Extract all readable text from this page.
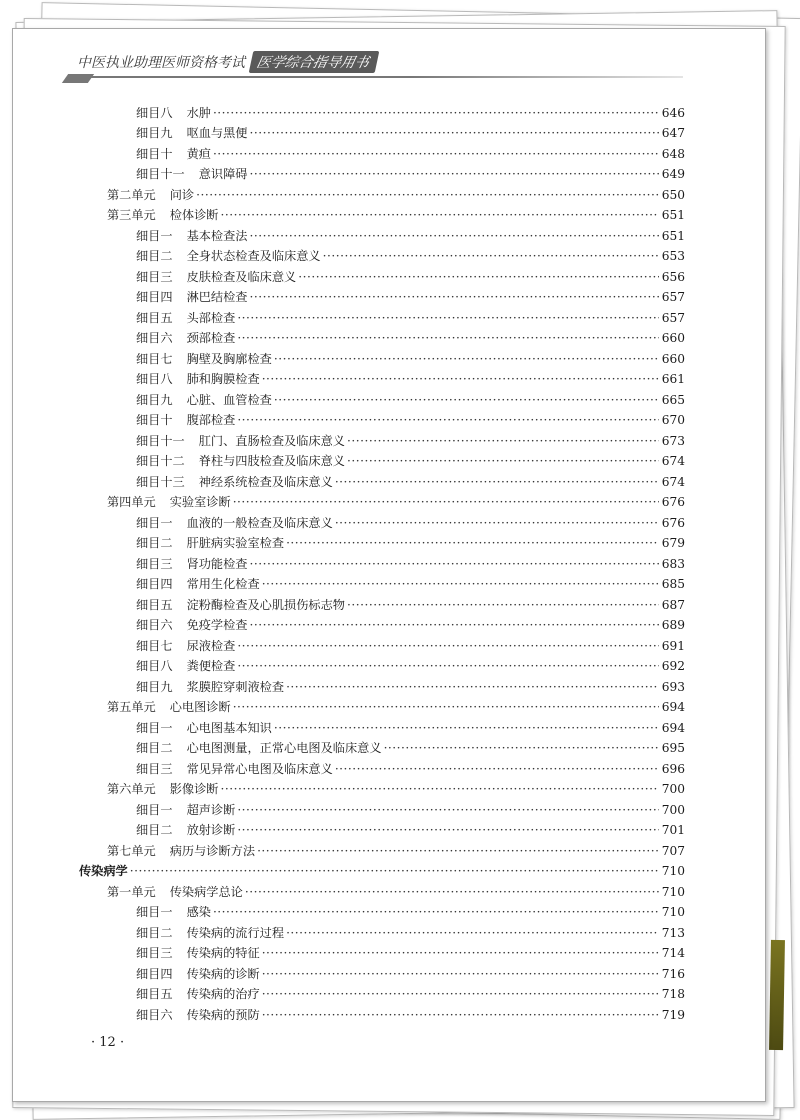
中医执业助理医师资格考试 医学综合指导用书
细目八 水肿 ·····	646
细目九 呕血与黑便 ·····	647
细目十 黄疸 ·····	648
细目十一 意识障碍 ·····	649
第二单元 问诊 ·····	650
第三单元 检体诊断 ·····	651
细目一 基本检查法 ·····	651
细目二 全身状态检查及临床意义 ·····	653
细目三 皮肤检查及临床意义 ·····	656
细目四 淋巴结检查 ·····	657
细目五 头部检查 ·····	657
细目六 颈部检查 ·····	660
细目七 胸壁及胸廓检查 ·····	660
细目八 肺和胸膜检查 ·····	661
细目九 心脏、血管检查 ·····	665
细目十 腹部检查 ·····	670
细目十一 肛门、直肠检查及临床意义 ·····	673
细目十二 脊柱与四肢检查及临床意义 ·····	674
细目十三 神经系统检查及临床意义 ·····	674
第四单元 实验室诊断 ·····	676
细目一 血液的一般检查及临床意义 ·····	676
细目二 肝脏病实验室检查 ·····	679
细目三 肾功能检查 ·····	683
细目四 常用生化检查 ·····	685
细目五 淀粉酶检查及心肌损伤标志物 ·····	687
细目六 免疫学检查 ·····	689
细目七 尿液检查 ·····	691
细目八 粪便检查 ·····	692
细目九 浆膜腔穿刺液检查 ·····	693
第五单元 心电图诊断 ·····	694
细目一 心电图基本知识 ·····	694
细目二 心电图测量，正常心电图及临床意义 ·····	695
细目三 常见异常心电图及临床意义 ·····	696
第六单元 影像诊断 ·····	700
细目一 超声诊断 ·····	700
细目二 放射诊断 ·····	701
第七单元 病历与诊断方法 ·····	707
传染病学 ·····	710
第一单元 传染病学总论 ·····	710
细目一 感染 ·····	710
细目二 传染病的流行过程 ·····	713
细目三 传染病的特征 ·····	714
细目四 传染病的诊断 ·····	716
细目五 传染病的治疗 ·····	718
细目六 传染病的预防 ·····	719
· 12 ·
